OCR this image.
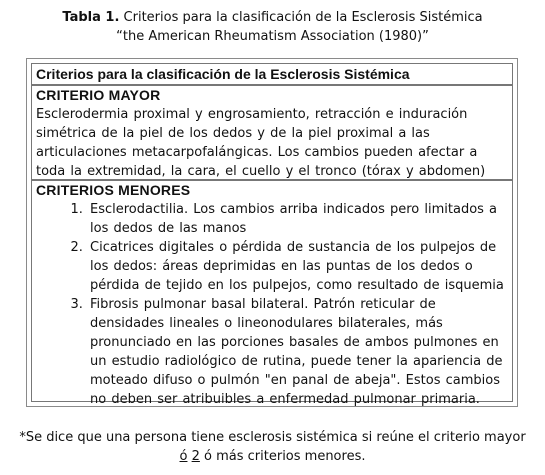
Tabla 1. Criterios para la clasificación de la Esclerosis Sistémica
“the American Rheumatism Association (1980)”
Criterios para la clasificación de la Esclerosis Sistémica
CRITERIO MAYOR
Esclerodermia proximal y engrosamiento, retracción e induración simétrica de la piel de los dedos y de la piel proximal a las articulaciones metacarpofalángicas. Los cambios pueden afectar a toda la extremidad, la cara, el cuello y el tronco (tórax y abdomen)
CRITERIOS MENORES
1. Esclerodactilia. Los cambios arriba indicados pero limitados a los dedos de las manos
2. Cicatrices digitales o pérdida de sustancia de los pulpejos de los dedos: áreas deprimidas en las puntas de los dedos o pérdida de tejido en los pulpejos, como resultado de isquemia
3. Fibrosis pulmonar basal bilateral. Patrón reticular de densidades lineales o lineonodulares bilaterales, más pronunciado en las porciones basales de ambos pulmones en un estudio radiológico de rutina, puede tener la apariencia de moteado difuso o pulmón "en panal de abeja". Estos cambios no deben ser atribuibles a enfermedad pulmonar primaria.
*Se dice que una persona tiene esclerosis sistémica si reúne el criterio mayor
ó 2 ó más criterios menores.
